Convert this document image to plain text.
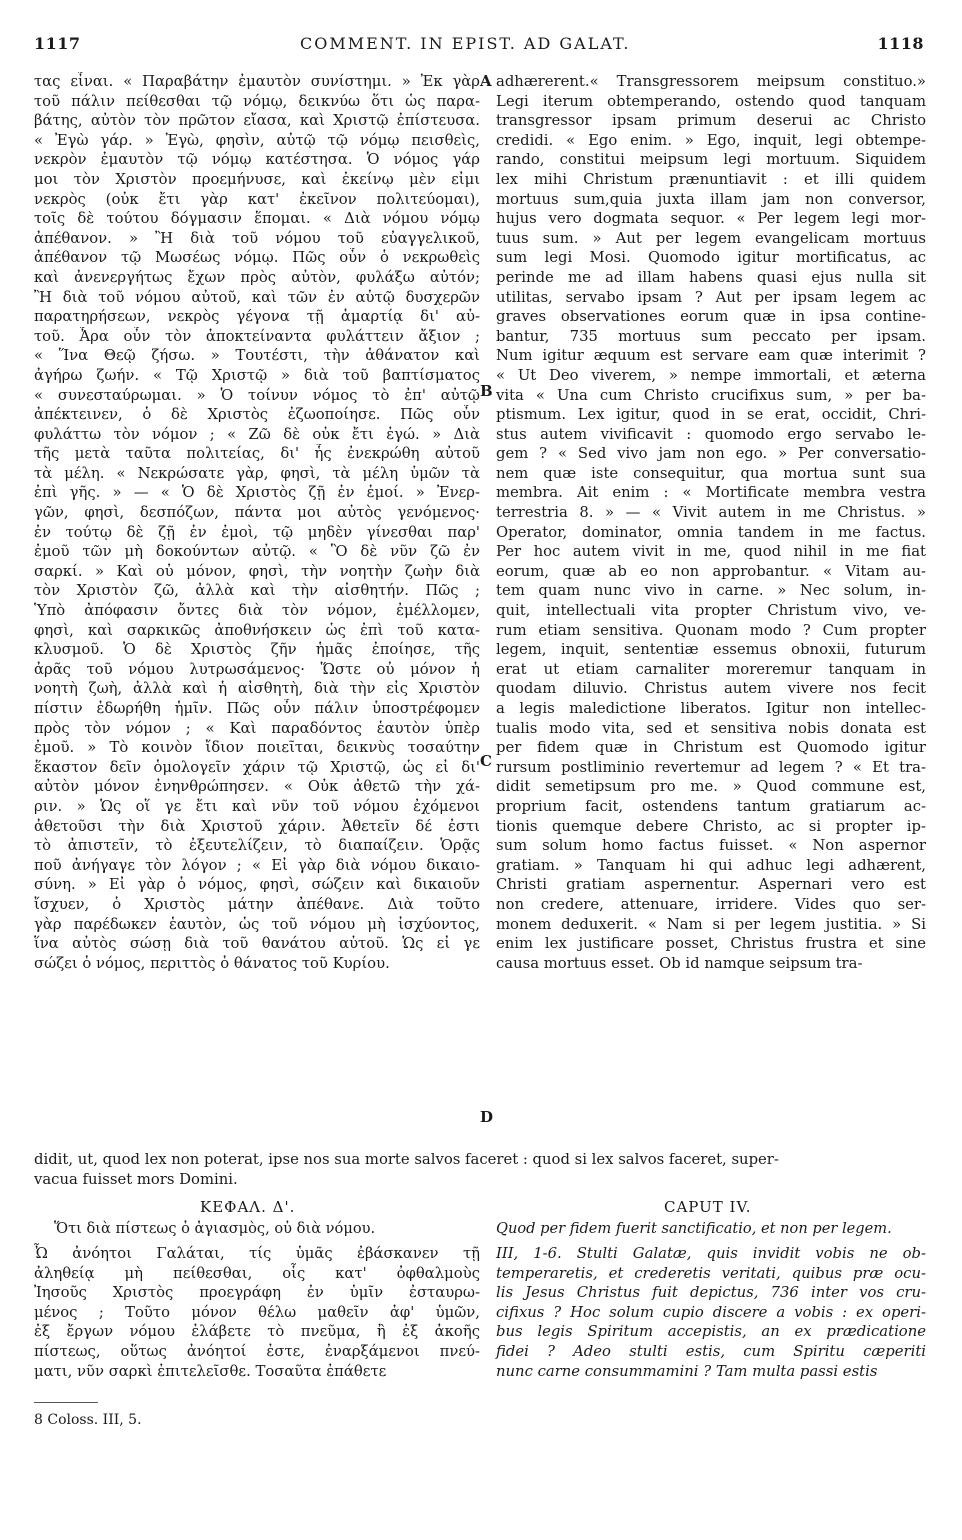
1117	COMMENT. IN EPIST. AD GALAT.	1118
A
B
C
D
τας εἶναι. « Παραβάτην ἐμαυτὸν συνίστημι. » Ἐκ γὰρ
τοῦ πάλιν πείθεσθαι τῷ νόμῳ, δεικνύω ὅτι ὡς παρα-
βάτης, αὐτὸν τὸν πρῶτον εἴασα, καὶ Χριστῷ ἐπίστευσα.
« Ἐγὼ γάρ. » Ἐγὼ, φησὶν, αὐτῷ τῷ νόμῳ πεισθεὶς,
νεκρὸν ἐμαυτὸν τῷ νόμῳ κατέστησα. Ὁ νόμος γάρ
μοι τὸν Χριστὸν προεμήνυσε, καὶ ἐκείνῳ μὲν εἰμι
νεκρὸς (οὐκ ἔτι γὰρ κατ' ἐκεῖνον πολιτεύομαι),
τοῖς δὲ τούτου δόγμασιν ἕπομαι. « Διὰ νόμου νόμῳ
ἀπέθανον. » Ἢ διὰ τοῦ νόμου τοῦ εὐαγγελικοῦ,
ἀπέθανον τῷ Μωσέως νόμῳ. Πῶς οὖν ὁ νεκρωθεὶς
καὶ ἀνενεργήτως ἔχων πρὸς αὐτὸν, φυλάξω αὐτόν;
Ἢ διὰ τοῦ νόμου αὐτοῦ, καὶ τῶν ἐν αὐτῷ δυσχερῶν
παρατηρήσεων, νεκρὸς γέγονα τῇ ἁμαρτίᾳ δι' αὐ-
τοῦ. Ἆρα οὖν τὸν ἀποκτείναντα φυλάττειν ἄξιον ;
« Ἵνα Θεῷ ζήσω. » Τουτέστι, τὴν ἀθάνατον καὶ
ἀγήρω ζωήν. « Τῷ Χριστῷ » διὰ τοῦ βαπτίσματος
« συνεσταύρωμαι. » Ὁ τοίνυν νόμος τὸ ἐπ' αὐτῷ
ἀπέκτεινεν, ὁ δὲ Χριστὸς ἐζωοποίησε. Πῶς οὖν
φυλάττω τὸν νόμον ; « Ζῶ δὲ οὐκ ἔτι ἐγώ. » Διὰ
τῆς μετὰ ταῦτα πολιτείας, δι' ἧς ἐνεκρώθη αὐτοῦ
τὰ μέλη. « Νεκρώσατε γὰρ, φησὶ, τὰ μέλη ὑμῶν τὰ
ἐπὶ γῆς. » — « Ὁ δὲ Χριστὸς ζῇ ἐν ἐμοί. » Ἐνερ-
γῶν, φησὶ, δεσπόζων, πάντα μοι αὐτὸς γενόμενος·
ἐν τούτῳ δὲ ζῇ ἐν ἐμοὶ, τῷ μηδὲν γίνεσθαι παρ'
ἐμοῦ τῶν μὴ δοκούντων αὐτῷ. « Ὃ δὲ νῦν ζῶ ἐν
σαρκί. » Καὶ οὐ μόνον, φησὶ, τὴν νοητὴν ζωὴν διὰ
τὸν Χριστὸν ζῶ, ἀλλὰ καὶ τὴν αἰσθητήν. Πῶς ;
Ὑπὸ ἀπόφασιν ὄντες διὰ τὸν νόμον, ἐμέλλομεν,
φησὶ, καὶ σαρκικῶς ἀποθνήσκειν ὡς ἐπὶ τοῦ κατα-
κλυσμοῦ. Ὁ δὲ Χριστὸς ζῆν ἡμᾶς ἐποίησε, τῆς
ἀρᾶς τοῦ νόμου λυτρωσάμενος· Ὥστε οὐ μόνον ἡ
νοητὴ ζωὴ, ἀλλὰ καὶ ἡ αἰσθητὴ, διὰ τὴν εἰς Χριστὸν
πίστιν ἐδωρήθη ἡμῖν. Πῶς οὖν πάλιν ὑποστρέφομεν
πρὸς τὸν νόμον ; « Καὶ παραδόντος ἑαυτὸν ὑπὲρ
ἐμοῦ. » Τὸ κοινὸν ἴδιον ποιεῖται, δεικνὺς τοσαύτην
ἕκαστον δεῖν ὁμολογεῖν χάριν τῷ Χριστῷ, ὡς εἰ δι'
αὐτὸν μόνον ἐνηνθρώπησεν. « Οὐκ ἀθετῶ τὴν χά-
ριν. » Ὡς οἵ γε ἔτι καὶ νῦν τοῦ νόμου ἐχόμενοι
ἀθετοῦσι τὴν διὰ Χριστοῦ χάριν. Ἀθετεῖν δέ ἐστι
τὸ ἀπιστεῖν, τὸ ἐξευτελίζειν, τὸ διαπαίζειν. Ὁρᾷς
ποῦ ἀνήγαγε τὸν λόγον ; « Εἰ γὰρ διὰ νόμου δικαιο-
σύνη. » Εἰ γὰρ ὁ νόμος, φησὶ, σώζειν καὶ δικαιοῦν
ἴσχυεν, ὁ Χριστὸς μάτην ἀπέθανε. Διὰ τοῦτο
γὰρ παρέδωκεν ἑαυτὸν, ὡς τοῦ νόμου μὴ ἰσχύοντος,
ἵνα αὐτὸς σώσῃ διὰ τοῦ θανάτου αὐτοῦ. Ὡς εἰ γε
σώζει ὁ νόμος, περιττὸς ὁ θάνατος τοῦ Κυρίου.
adhærerent.« Transgressorem meipsum constituo.»
Legi iterum obtemperando, ostendo quod tanquam
transgressor ipsam primum deserui ac Christo
credidi. « Ego enim. » Ego, inquit, legi obtempe-
rando, constitui meipsum legi mortuum. Siquidem
lex mihi Christum prænuntiavit : et illi quidem
mortuus sum,quia juxta illam jam non conversor,
hujus vero dogmata sequor. « Per legem legi mor-
tuus sum. » Aut per legem evangelicam mortuus
sum legi Mosi. Quomodo igitur mortificatus, ac
perinde me ad illam habens quasi ejus nulla sit
utilitas, servabo ipsam ? Aut per ipsam legem ac
graves observationes eorum quæ in ipsa contine-
bantur, 735 mortuus sum peccato per ipsam.
Num igitur æquum est servare eam quæ interimit ?
« Ut Deo viverem, » nempe immortali, et æterna
vita « Una cum Christo crucifixus sum, » per ba-
ptismum. Lex igitur, quod in se erat, occidit, Chri-
stus autem vivificavit : quomodo ergo servabo le-
gem ? « Sed vivo jam non ego. » Per conversatio-
nem quæ iste consequitur, qua mortua sunt sua
membra. Ait enim : « Mortificate membra vestra
terrestria 8. » — « Vivit autem in me Christus. »
Operator, dominator, omnia tandem in me factus.
Per hoc autem vivit in me, quod nihil in me fiat
eorum, quæ ab eo non approbantur. « Vitam au-
tem quam nunc vivo in carne. » Nec solum, in-
quit, intellectuali vita propter Christum vivo, ve-
rum etiam sensitiva. Quonam modo ? Cum propter
legem, inquit, sententiæ essemus obnoxii, futurum
erat ut etiam carnaliter moreremur tanquam in
quodam diluvio. Christus autem vivere nos fecit
a legis maledictione liberatos. Igitur non intellec-
tualis modo vita, sed et sensitiva nobis donata est
per fidem quæ in Christum est Quomodo igitur
rursum postliminio revertemur ad legem ? « Et tra-
didit semetipsum pro me. » Quod commune est,
proprium facit, ostendens tantum gratiarum ac-
tionis quemque debere Christo, ac si propter ip-
sum solum homo factus fuisset. « Non aspernor
gratiam. » Tanquam hi qui adhuc legi adhærent,
Christi gratiam aspernentur. Aspernari vero est
non credere, attenuare, irridere. Vides quo ser-
monem deduxerit. « Nam si per legem justitia. » Si
enim lex justificare posset, Christus frustra et sine
causa mortuus esset. Ob id namque seipsum tra-
didit, ut, quod lex non poterat, ipse nos sua morte salvos faceret : quod si lex salvos faceret, super-
vacua fuisset mors Domini.
ΚΕΦΑΛ. Δ'.	CAPUT IV.
Ὅτι διὰ πίστεως ὁ ἁγιασμὸς, οὐ διὰ νόμου.	Quod per fidem fuerit sanctificatio, et non per legem.
Ὦ ἀνόητοι Γαλάται, τίς ὑμᾶς ἐβάσκανεν τῇ
ἀληθείᾳ μὴ πείθεσθαι, οἷς κατ' ὀφθαλμοὺς
Ἰησοῦς Χριστὸς προεγράφη ἐν ὑμῖν ἐσταυρω-
μένος ; Τοῦτο μόνον θέλω μαθεῖν ἀφ' ὑμῶν,
ἐξ ἔργων νόμου ἐλάβετε τὸ πνεῦμα, ἢ ἐξ ἀκοῆς
πίστεως, οὕτως ἀνόητοί ἐστε, ἐναρξάμενοι πνεύ-
ματι, νῦν σαρκὶ ἐπιτελεῖσθε. Τοσαῦτα ἐπάθετε
III, 1-6. Stulti Galatæ, quis invidit vobis ne ob-
temperaretis, et crederetis veritati, quibus præ ocu-
lis Jesus Christus fuit depictus, 736 inter vos cru-
cifixus ? Hoc solum cupio discere a vobis : ex operi-
bus legis Spiritum accepistis, an ex prædicatione
fidei ? Adeo stulti estis, cum Spiritu cæperiti
nunc carne consummamini ? Tam multa passi estis
8 Coloss. III, 5.
